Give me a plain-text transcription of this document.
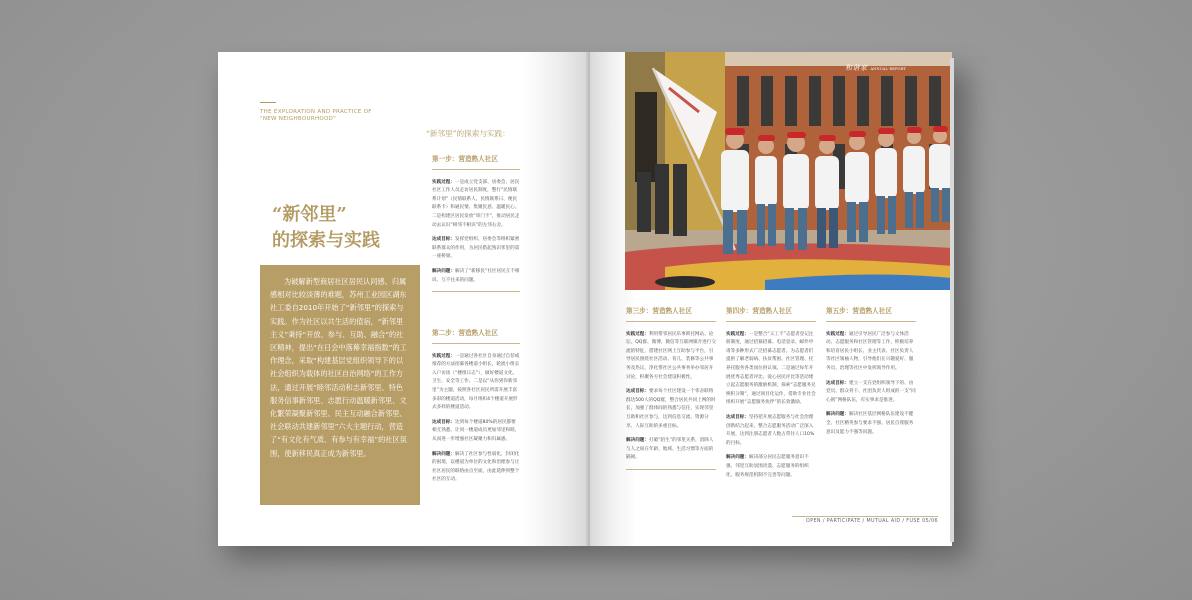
THE EXPLORATION AND PRACTICE OF "NEW NEIGHBOURHOOD"
“新邻里”
的探索与实践
为破解新型商居社区居民认同感、归属感相对比较淡薄的难题，苏州工业园区湖东社工委自2010年开始了“新邻里”的探索与实践。作为社区以共生活的值宿，“新邻里主义”秉持“开放、参与、互助、融合”的社区精神，提出“在日会中落幕幸福指数”的工作理念，采取“构建基层党组织领导下的以社会组织为载体的社区自治网络”的工作方法，通过开展“睦邻活动和志新邻里、特色服务信事新邻里、志愿行动温暖新邻里、文化繁荣凝聚新邻里、民主互动融合新邻里、社会联动共建新邻里”六大主题行动，营造了“有文化有气质、有参与有幸福”的社区氛围，使新移民真正成为新邻里。
“新邻里”的探索与实践：
第一步：营造熟人社区
实践过程：一是成立党支部、居委会、居民社区工作人员走访居民制度，整行“民情联系计划”（民情联系人、民情联系日、便民联系卡）和通民情、集聚民意、温暖民心。二是构建区居民发放“串门卡”，推动居民走动去认识“相邻不相识”的左邻右舍。
达成目标：发挥党组织、居委会等组织紧密联系群众的作用，为居民搭起熟识邻里的第一座桥梁。
解决问题：解决了“新移民”社区居民互不相识、互不往来的问题。
第二步：营造熟人社区
实践过程：一是通过各社区自身通过自荐或推荐的方法招募各楼道小组长，轮流小组长入户访谈（“楼组日志”），做好楼道文化、卫生、安全等工作。二是以“从你到你新邻里”为主题，按照各社区居民所需开展丰富多彩的楼道活动，每月组织4个楼道开展形式多样的楼道活动。
达成目标：达到每个楼道80%的居民都要相互熟悉，让同一楼道成员更加邻里和睦，从而进一步增强社区凝聚力和归属感。
解决问题：解决了社区参与性弱化、封闭化的困境，以楼道为单位的文化和治理参与让社区居民的联络由点至面，由此延伸到整个社区的互动。
和谐家 ANNUAL REPORT
第三步：营造熟人社区
实践过程：利用帮邻居民乐事锁托网站、论坛、QQ群、微博、微信等互联网媒介进行交流的特征，搭建社区网上互助参与平台，引导居民围绕社区活动、育儿、装修等公共事务及热议，净化帮社区公共事务举办邻居开讨论，积聚各方社会建设积极性。
达成目标：要求每个社区建设一个邻舍联络群达500人的QQ群，整合居民共同上网的时长，加强了群体间的熟悉与信任，实现邻里互助和社区参与，达到信息交流、资源分享、人际互助的多重目标。
解决问题：打破“陌生”的邻里关系，消除人与人之间在年龄、地域、生活习惯等方面的隔阂。
第四步：营造熟人社区
实践过程：一是整合“义工卡”志愿者登记注册制度，通过招募招募、电话登录、邮件申请等多种形式广泛招募志愿者。为志愿者们提供了解老弱病、扶贫帮困、社区管理、托养托服务各类岗位供认领。二是通过每年开展优秀志愿者评比、爱心居民评比等活动建立起志愿服务的激励机制，探索“志愿服务兑换积分制”，通过项目化运作，借助专业社会组织开展“志愿服务伙伴”的长效激励。
达成目标：坚持把开展志愿服务与社会治理创新结合起来，整合志愿服务活动广泛深入开展，达到注册志愿者人数占常住人口10%的目标。
解决问题：解决部分居民志愿服务意识不强、邻里互助氛围淡漠、志愿服务的组织化、服务规范机制不完善等问题。
第五步：营造熟人社区
实践过程：通过引导居民广泛参与文体活动、志愿服务和社区管理等工作，积极培养和培育居民小组长、业主代表、社区负责人等社区领袖人物，引导他们在兴趣爱好、服务员、治理等社区中发挥领导作用。
达成目标：建立一支在党组织领导下的、由党员、群众骨干、社团负责人组成的一支“同心圆”网格队伍，有实事求是推进。
解决问题：解决社区基层网格队伍建设不健全、社区精英参与要求不强、居民自我服务意识及能力不强等问题。
OPEN / PARTICIPATE / MUTUAL AID / FUSE 05/06
